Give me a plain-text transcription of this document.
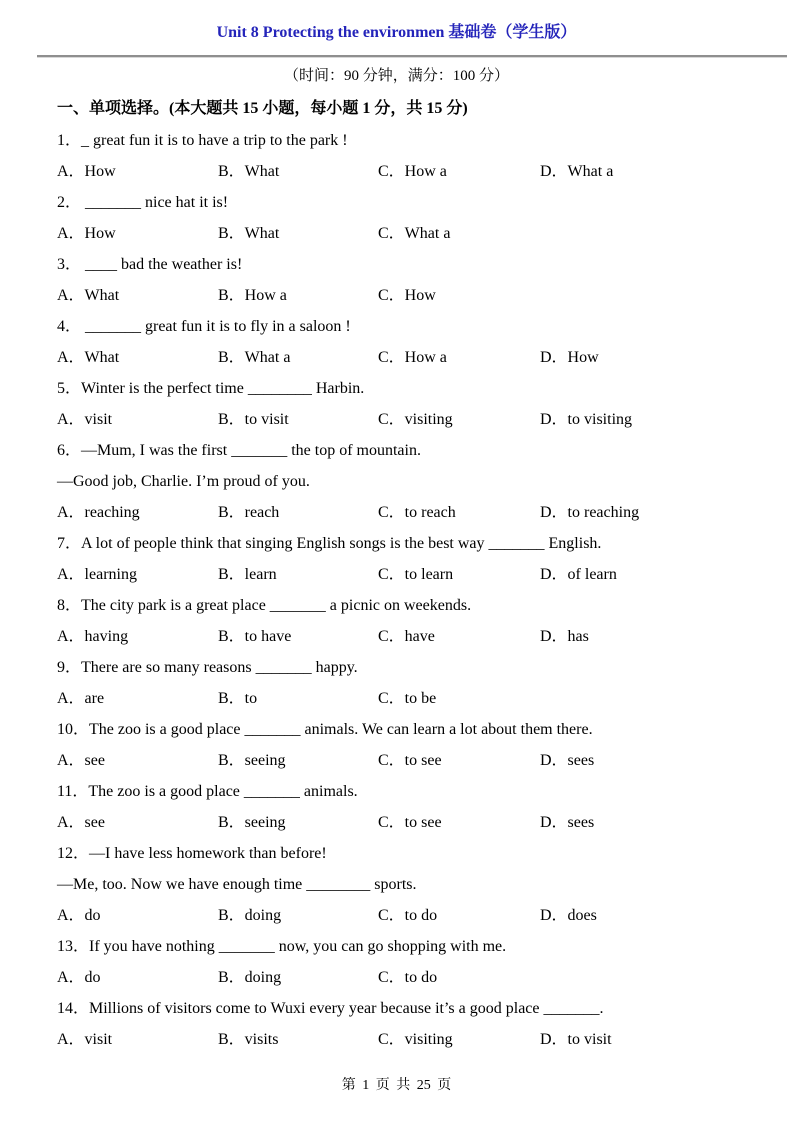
Unit 8 Protecting the environmen 基础卷（学生版）
（时间：90 分钟，满分：100 分）
一、单项选择。(本大题共 15 小题，每小题 1 分，共 15 分)
1．_ great fun it is to have a trip to the park !
A．How	B．What	C．How a	D．What a
2． _______ nice hat it is!
A．How	B．What	C．What a
3． ____ bad the weather is!
A．What	B．How a	C．How
4． _______ great fun it is to fly in a saloon !
A．What	B．What a	C．How a	D．How
5．Winter is the perfect time ________ Harbin.
A．visit	B．to visit	C．visiting	D．to visiting
6．—Mum, I was the first _______ the top of mountain.
—Good job, Charlie. I’m proud of you.
A．reaching	B．reach	C．to reach	D．to reaching
7．A lot of people think that singing English songs is the best way _______ English.
A．learning	B．learn	C．to learn	D．of learn
8．The city park is a great place _______ a picnic on weekends.
A．having	B．to have	C．have	D．has
9．There are so many reasons _______ happy.
A．are	B．to	C．to be
10．The zoo is a good place _______ animals. We can learn a lot about them there.
A．see	B．seeing	C．to see	D．sees
11．The zoo is a good place _______ animals.
A．see	B．seeing	C．to see	D．sees
12．—I have less homework than before!
—Me, too. Now we have enough time ________ sports.
A．do	B．doing	C．to do	D．does
13．If you have nothing _______ now, you can go shopping with me.
A．do	B．doing	C．to do
14．Millions of visitors come to Wuxi every year because it’s a good place _______.
A．visit	B．visits	C．visiting	D．to visit
第 1 页 共 25 页
